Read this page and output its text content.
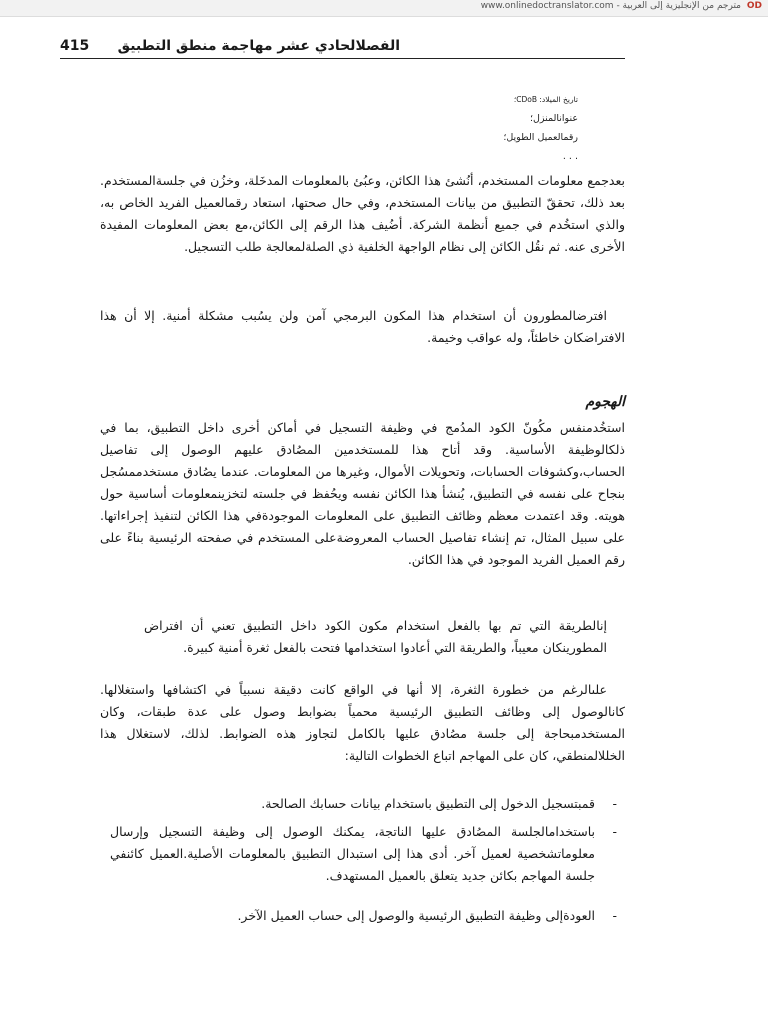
OD مترجم من الإنجليزية إلى العربية - www.onlinedoctranslator.com
415 الفصلالحادي عشر مهاجمة منطق التطبيق
تاريخ الميلاد: CDoB؛
عنوانالمنزل؛
رقمالعميل الطويل؛
. . .

بعدجمع معلومات المستخدم، أنُشئ هذا الكائن، وعبُئ بالمعلومات المدخَلة، وخزُن في جلسةالمستخدم. بعد ذلك، تحققّ التطبيق من بيانات المستخدم، وفي حال صحتها، استعاد رقمالعميل الفريد الخاص به، والذي استخُدم في جميع أنظمة الشركة. أضُيف هذا الرقم إلى الكائن،مع بعض المعلومات المفيدة الأخرى عنه. ثم نقُل الكائن إلى نظام الواجهة الخلفية ذي الصلةلمعالجة طلب التسجيل.

افترضالمطورون أن استخدام هذا المكون البرمجي آمن ولن يسُبب مشكلة أمنية. إلا أن هذا الافتراضكان خاطئاً، وله عواقب وخيمة.

الهجوم

استخُدمنفس مكُونّ الكود المدُمج في وظيفة التسجيل في أماكن أخرى داخل التطبيق، بما في ذلكالوظيفة الأساسية. وقد أتاح هذا للمستخدمين المصُادق عليهم الوصول إلى تفاصيل الحساب،وكشوفات الحسابات، وتحويلات الأموال، وغيرها من المعلومات. عندما يصُادق مستخدممسُجل بنجاح على نفسه في التطبيق، يُنشأ هذا الكائن نفسه ويحُفظ في جلسته لتخزينمعلومات أساسية حول هويته. وقد اعتمدت معظم وظائف التطبيق على المعلومات الموجودةفي هذا الكائن لتنفيذ إجراءاتها. على سبيل المثال، تم إنشاء تفاصيل الحساب المعروضةعلى المستخدم في صفحته الرئيسية بناءً على رقم العميل الفريد الموجود في هذا الكائن.

إنالطريقة التي تم بها بالفعل استخدام مكون الكود داخل التطبيق تعني أن افتراض المطورينكان معيباً، والطريقة التي أعادوا استخدامها فتحت بالفعل ثغرة أمنية كبيرة.

علىالرغم من خطورة الثغرة، إلا أنها في الواقع كانت دقيقة نسبياً في اكتشافها واستغلالها. كانالوصول إلى وظائف التطبيق الرئيسية محمياً بضوابط وصول على عدة طبقات، وكان المستخدمبحاجة إلى جلسة مصُادق عليها بالكامل لتجاوز هذه الضوابط. لذلك، لاستغلال هذا الخللالمنطقي، كان على المهاجم اتباع الخطوات التالية:

-
قمبتسجيل الدخول إلى التطبيق باستخدام بيانات حسابك الصالحة.
-
باستخدامالجلسة المصُادق عليها الناتجة، يمكنك الوصول إلى وظيفة التسجيل وإرسال معلوماتشخصية لعميل آخر. أدى هذا إلى استبدال التطبيق بالمعلومات الأصلية.العميل كائنفي جلسة المهاجم بكائن جديد يتعلق بالعميل المستهدف.
-
العودةإلى وظيفة التطبيق الرئيسية والوصول إلى حساب العميل الآخر.
